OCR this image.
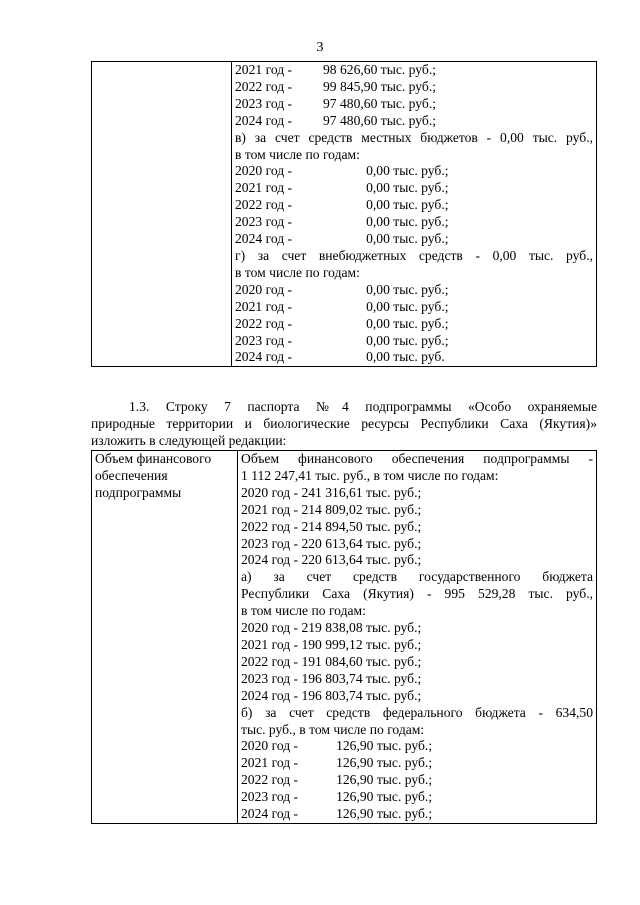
3

2021 год - 98 626,60 тыс. руб.;
2022 год - 99 845,90 тыс. руб.;
2023 год - 97 480,60 тыс. руб.;
2024 год - 97 480,60 тыс. руб.;
в) за счет средств местных бюджетов - 0,00 тыс. руб.,
в том числе по годам:
2020 год -	0,00 тыс. руб.;
2021 год -	0,00 тыс. руб.;
2022 год -	0,00 тыс. руб.;
2023 год -	0,00 тыс. руб.;
2024 год -	0,00 тыс. руб.;
г) за счет внебюджетных средств - 0,00 тыс. руб.,
в том числе по годам:
2020 год -	0,00 тыс. руб.;
2021 год -	0,00 тыс. руб.;
2022 год -	0,00 тыс. руб.;
2023 год -	0,00 тыс. руб.;
2024 год -	0,00 тыс. руб.
1.3. Строку 7 паспорта №4 подпрограммы «Особо охраняемые
природные территории и биологические ресурсы Республики Саха (Якутия)»
изложить в следующей редакции:
Объем финансового
обеспечения
подпрограммы

Объем финансового обеспечения подпрограммы -
1 112 247,41 тыс. руб., в том числе по годам:
2020 год - 241 316,61 тыс. руб.;
2021 год - 214 809,02 тыс. руб.;
2022 год - 214 894,50 тыс. руб.;
2023 год - 220 613,64 тыс. руб.;
2024 год - 220 613,64 тыс. руб.;
а) за счет средств государственного бюджета
Республики Саха (Якутия) - 995 529,28 тыс. руб.,
в том числе по годам:
2020 год - 219 838,08 тыс. руб.;
2021 год - 190 999,12 тыс. руб.;
2022 год - 191 084,60 тыс. руб.;
2023 год - 196 803,74 тыс. руб.;
2024 год - 196 803,74 тыс. руб.;
б) за счет средств федерального бюджета - 634,50
тыс. руб., в том числе по годам:
2020 год -	126,90 тыс. руб.;
2021 год -	126,90 тыс. руб.;
2022 год -	126,90 тыс. руб.;
2023 год -	126,90 тыс. руб.;
2024 год -	126,90 тыс. руб.;
